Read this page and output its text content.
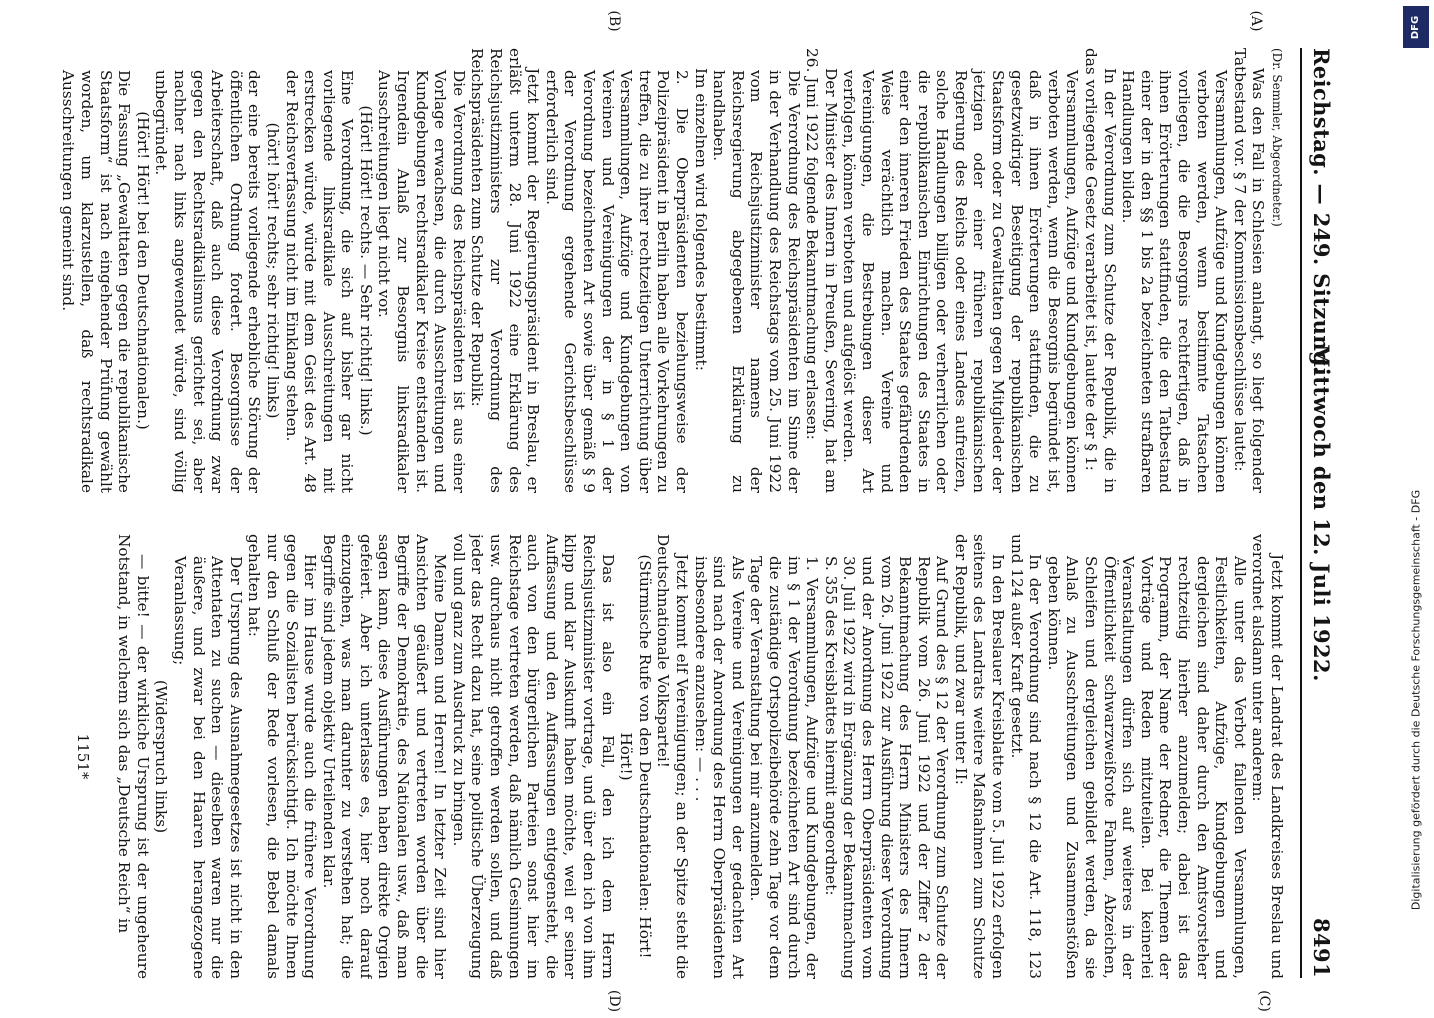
Reichstag. — 249. Sitzung.
Mittwoch den 12. Juli 1922.
8491
(A)
(B)
(C)
(D)

(Dr. Semmler, Abgeordneter.)

Was den Fall in Schlesien anlangt, so liegt folgender Tatbestand vor. § 7 der Kommissionsbeschlüsse lautet:

Versammlungen, Aufzüge und Kundgebungen können verboten werden, wenn bestimmte Tatsachen vorliegen, die die Besorgnis rechtfertigen, daß in ihnen Erörterungen stattfinden, die den Tatbestand einer der in den §§ 1 bis 2a bezeichneten strafbaren Handlungen bilden.

In der Verordnung zum Schutze der Republik, die in das vorliegende Gesetz verarbeitet ist, lautete der § 1:

Versammlungen, Aufzüge und Kundgebungen können verboten werden, wenn die Besorgnis begründet ist, daß in ihnen Erörterungen stattfinden, die zu gesetzwidriger Beseitigung der republikanischen Staatsform oder zu Gewalttaten gegen Mitglieder der jetzigen oder einer früheren republikanischen Regierung des Reichs oder eines Landes aufreizen, solche Handlungen billigen oder verherrlichen oder die republikanischen Einrichtungen des Staates in einer den inneren Frieden des Staates gefährdenden Weise verächtlich machen. Vereine und Vereinigungen, die Bestrebungen dieser Art verfolgen, können verboten und aufgelöst werden.

Der Minister des Innern in Preußen, Severing, hat am 26. Juni 1922 folgende Bekanntmachung erlassen:

Die Verordnung des Reichspräsidenten im Sinne der in der Verhandlung des Reichstags vom 25. Juni 1922 vom Reichsjustizminister namens der Reichsregierung abgegebenen Erklärung zu handhaben.

Im einzelnen wird folgendes bestimmt:

2. Die Oberpräsidenten beziehungsweise der Polizeipräsident in Berlin haben alle Vorkehrungen zu treffen, die zu ihrer rechtzeitigen Unterrichtung über Versammlungen, Aufzüge und Kundgebungen von Vereinen und Vereinigungen der in § 1 der Verordnung bezeichneten Art sowie über gemäß § 9 der Verordnung ergehende Gerichtsbeschlüsse erforderlich sind.

Jetzt kommt der Regierungspräsident in Breslau, er erläßt unterm 28. Juni 1922 eine Erklärung des Reichsjustizministers zur Verordnung des Reichspräsidenten zum Schutze der Republik:

Die Verordnung des Reichspräsidenten ist aus einer Vorlage erwachsen, die durch Ausschreitungen und Kundgebungen rechtsradikaler Kreise entstanden ist. Irgendein Anlaß zur Besorgnis linksradikaler Ausschreitungen liegt nicht vor.

(Hört! Hört! rechts. — Sehr richtig! links.)

Eine Verordnung, die sich auf bisher gar nicht vorliegende linksradikale Ausschreitungen mit erstrecken würde, würde mit dem Geist des Art. 48 der Reichsverfassung nicht im Einklang stehen.

(hört! hört! rechts; sehr richtig! links)

der eine bereits vorliegende erhebliche Störung der öffentlichen Ordnung fordert. Besorgnisse der Arbeiterschaft, daß auch diese Verordnung zwar gegen den Rechtsradikalismus gerichtet sei, aber nachher nach links angewendet würde, sind völlig unbegründet.

(Hört! Hört! bei den Deutschnationalen.)

Die Fassung „Gewalttaten gegen die republikanische Staatsform“ ist nach eingehender Prüfung gewählt worden, um klarzustellen, daß rechtsradikale Ausschreitungen gemeint sind.

Jetzt kommt der Landrat des Landkreises Breslau und verordnet alsdann unter anderem:

Alle unter das Verbot fallenden Versammlungen, Festlichkeiten, Aufzüge, Kundgebungen und dergleichen sind daher durch den Amtsvorsteher rechtzeitig hierher anzumelden; dabei ist das Programm, der Name der Redner, die Themen der Vorträge und Reden mitzuteilen. Bei keinerlei Veranstaltungen dürfen sich auf weiteres in der Öffentlichkeit schwarzweißrote Fahnen, Abzeichen, Schleifen und dergleichen gebildet werden, da sie Anlaß zu Ausschreitungen und Zusammenstößen geben können.

In der Verordnung sind nach § 12 die Art. 118, 123 und 124 außer Kraft gesetzt.

In den Breslauer Kreisblatte vom 5. Juli 1922 erfolgen seitens des Landrats weitere Maßnahmen zum Schutze der Republik, und zwar unter II:

Auf Grund des § 12 der Verordnung zum Schutze der Republik vom 26. Juni 1922 und der Ziffer 2 der Bekanntmachung des Herrn Ministers des Innern vom 26. Juni 1922 zur Ausführung dieser Verordnung und der Anordnung des Herrn Oberpräsidenten vom 30. Juli 1922 wird in Ergänzung der Bekanntmachung S. 355 des Kreisblattes hiermit angeordnet:

1. Versammlungen, Aufzüge und Kundgebungen, der im § 1 der Verordnung bezeichneten Art sind durch die zuständige Ortspolizeibehörde zehn Tage vor dem Tage der Veranstaltung bei mir anzumelden.

Als Vereine und Vereinigungen der gedachten Art sind nach der Anordnung des Herrn Oberpräsidenten insbesondere anzusehen: — . . .

Jetzt kommt elf Vereinigungen; an der Spitze steht die Deutschnationale Volkspartei!

(Stürmische Rufe von den Deutschnationalen: Hört! Hört!)

Das ist also ein Fall, den ich dem Herrn Reichsjustizminister vortrage, und über den ich von ihm klipp und klar Auskunft haben möchte, weil er seiner Auffassung und den Auffassungen entgegensteht, die auch von den bürgerlichen Parteien sonst hier im Reichstage vertreten werden, daß nämlich Gesinnungen usw. durchaus nicht getroffen werden sollen, und daß jeder das Recht dazu hat, seine politische Überzeugung voll und ganz zum Ausdruck zu bringen.

Meine Damen und Herren! In letzter Zeit sind hier Ansichten geäußert und vertreten worden über die Begriffe der Demokratie, des Nationalen usw., daß man sagen kann, diese Ausführungen haben direkte Orgien gefeiert. Aber ich unterlasse es, hier noch darauf einzugehen, was man darunter zu verstehen hat; die Begriffe sind jedem objektiv Urteilenden klar.

Hier im Hause wurde auch die frühere Verordnung gegen die Sozialisten berücksichtigt. Ich möchte Ihnen nur den Schluß der Rede vorlesen, die Bebel damals gehalten hat:

Der Ursprung des Ausnahmegesetzes ist nicht in den Attentaten zu suchen — dieselben waren nur die äußere, und zwar bei den Haaren herangezogene Veranlassung;

(Widerspruch links)

— bitte! — der wirkliche Ursprung ist der ungeheure Notstand, in welchem sich das „Deutsche Reich“ in

1151*
DFG
Digitalisierung gefördert durch die Deutsche Forschungsgemeinschaft - DFG
